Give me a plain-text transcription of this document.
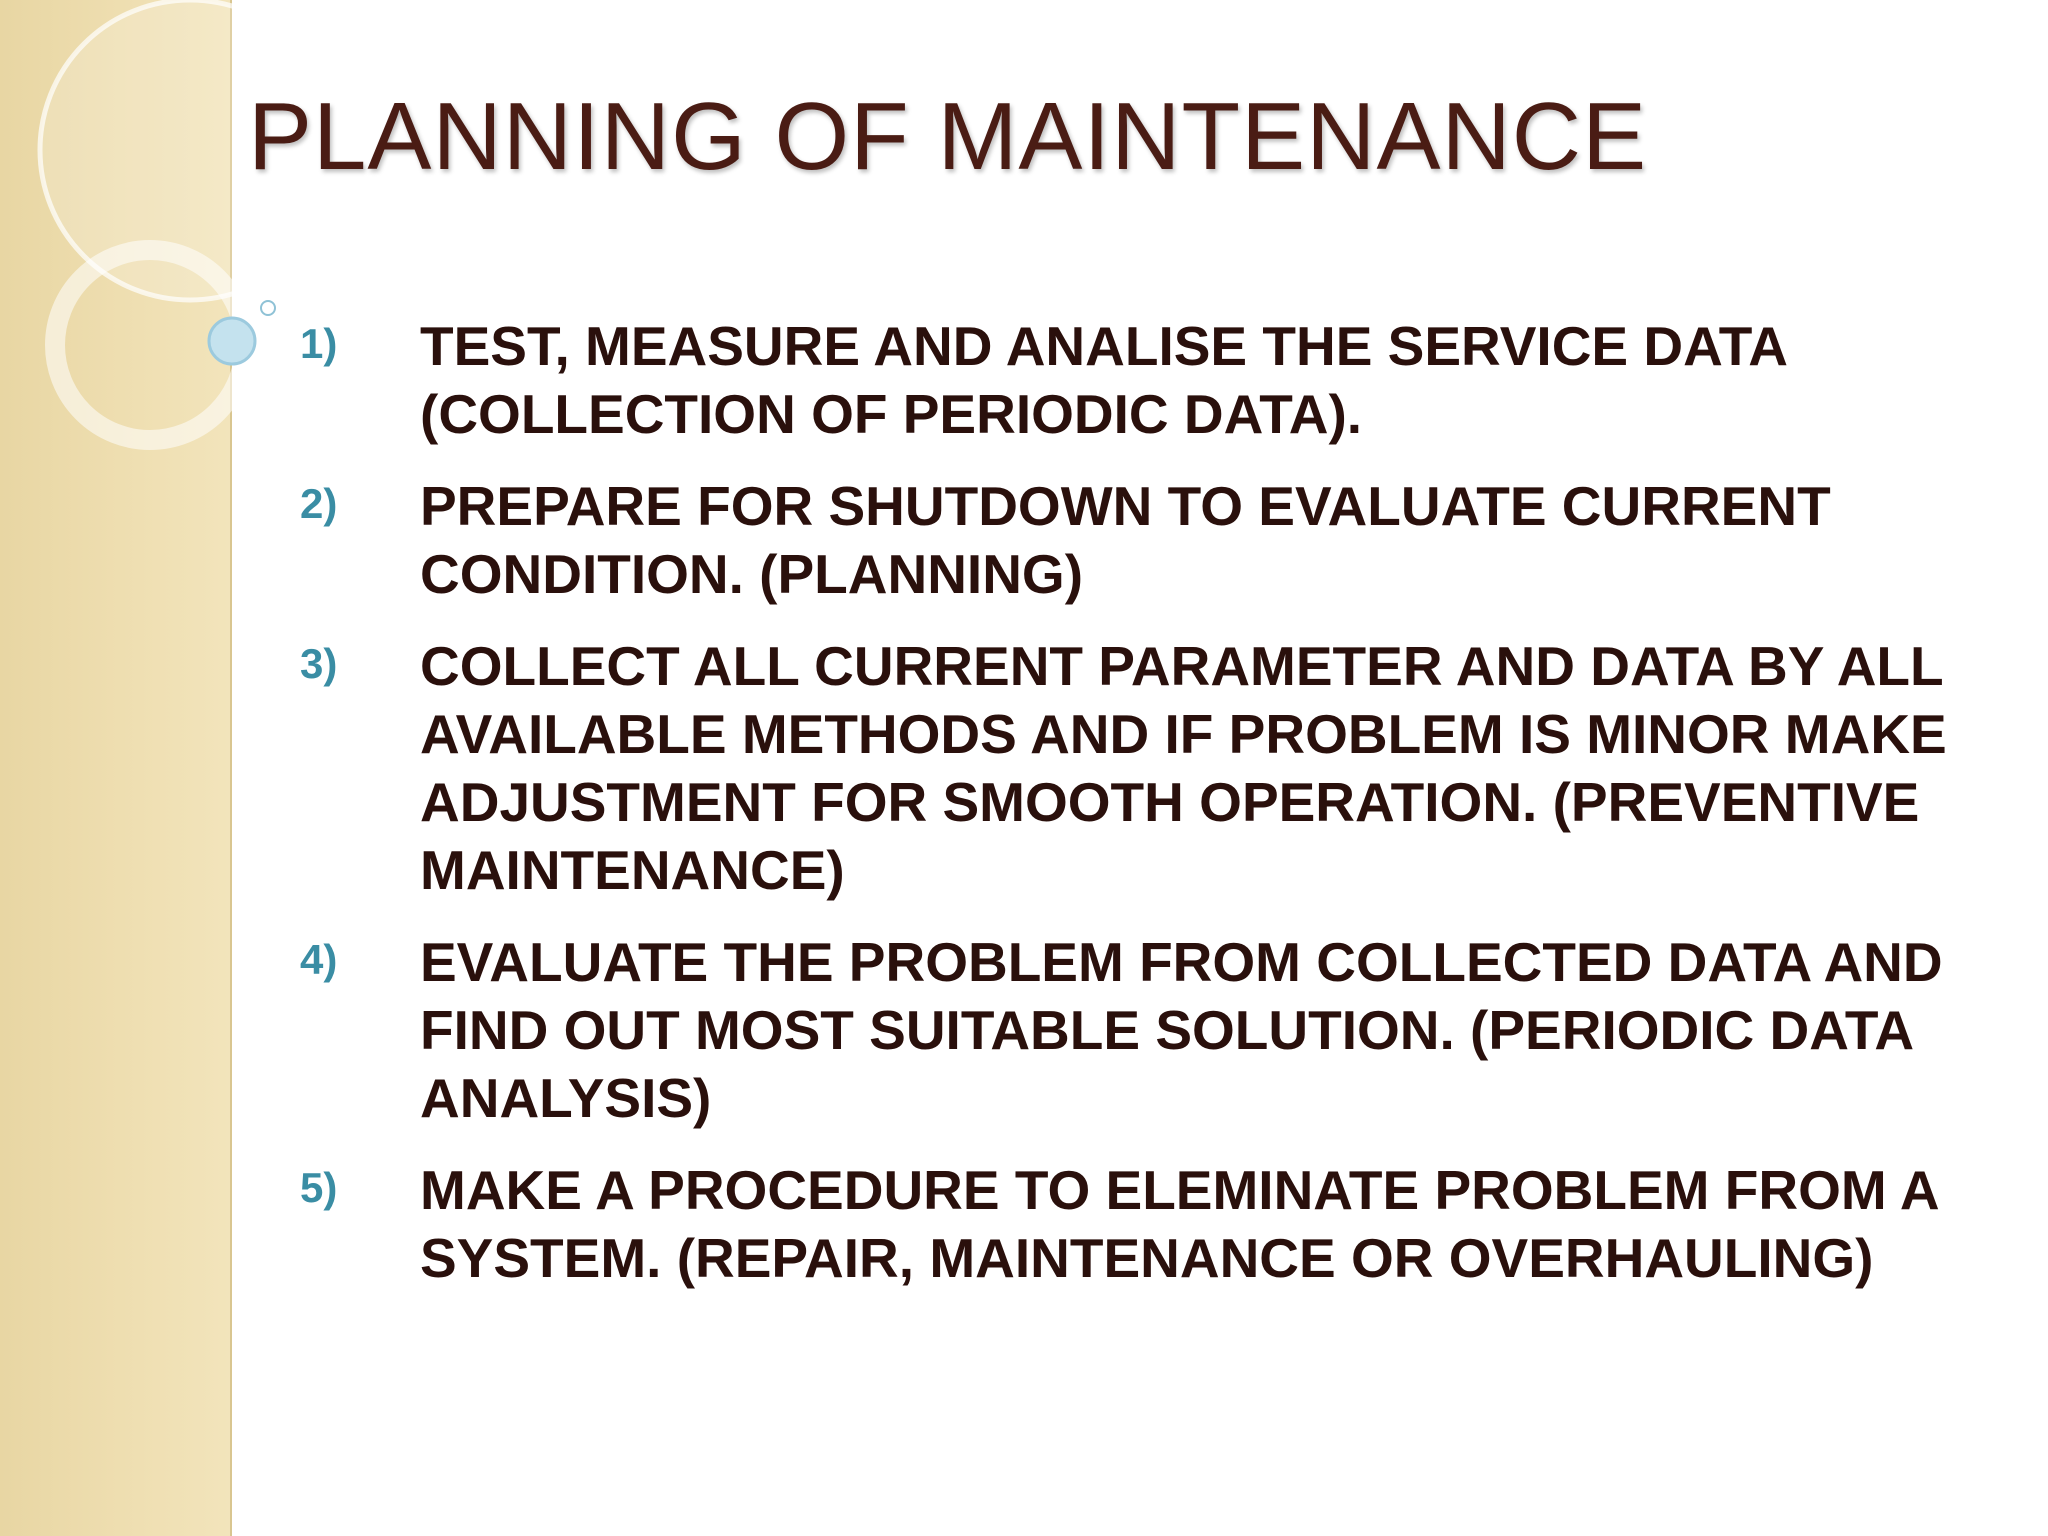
PLANNING OF MAINTENANCE
1) TEST, MEASURE AND ANALISE THE SERVICE DATA (COLLECTION OF PERIODIC DATA).
2) PREPARE FOR SHUTDOWN TO EVALUATE CURRENT CONDITION. (PLANNING)
3) COLLECT ALL CURRENT PARAMETER AND DATA BY ALL AVAILABLE METHODS AND IF PROBLEM IS MINOR MAKE ADJUSTMENT FOR SMOOTH OPERATION. (PREVENTIVE MAINTENANCE)
4) EVALUATE THE PROBLEM FROM COLLECTED DATA AND FIND OUT MOST SUITABLE SOLUTION. (PERIODIC DATA ANALYSIS)
5) MAKE A PROCEDURE TO ELEMINATE PROBLEM FROM A SYSTEM. (REPAIR, MAINTENANCE OR OVERHAULING)
